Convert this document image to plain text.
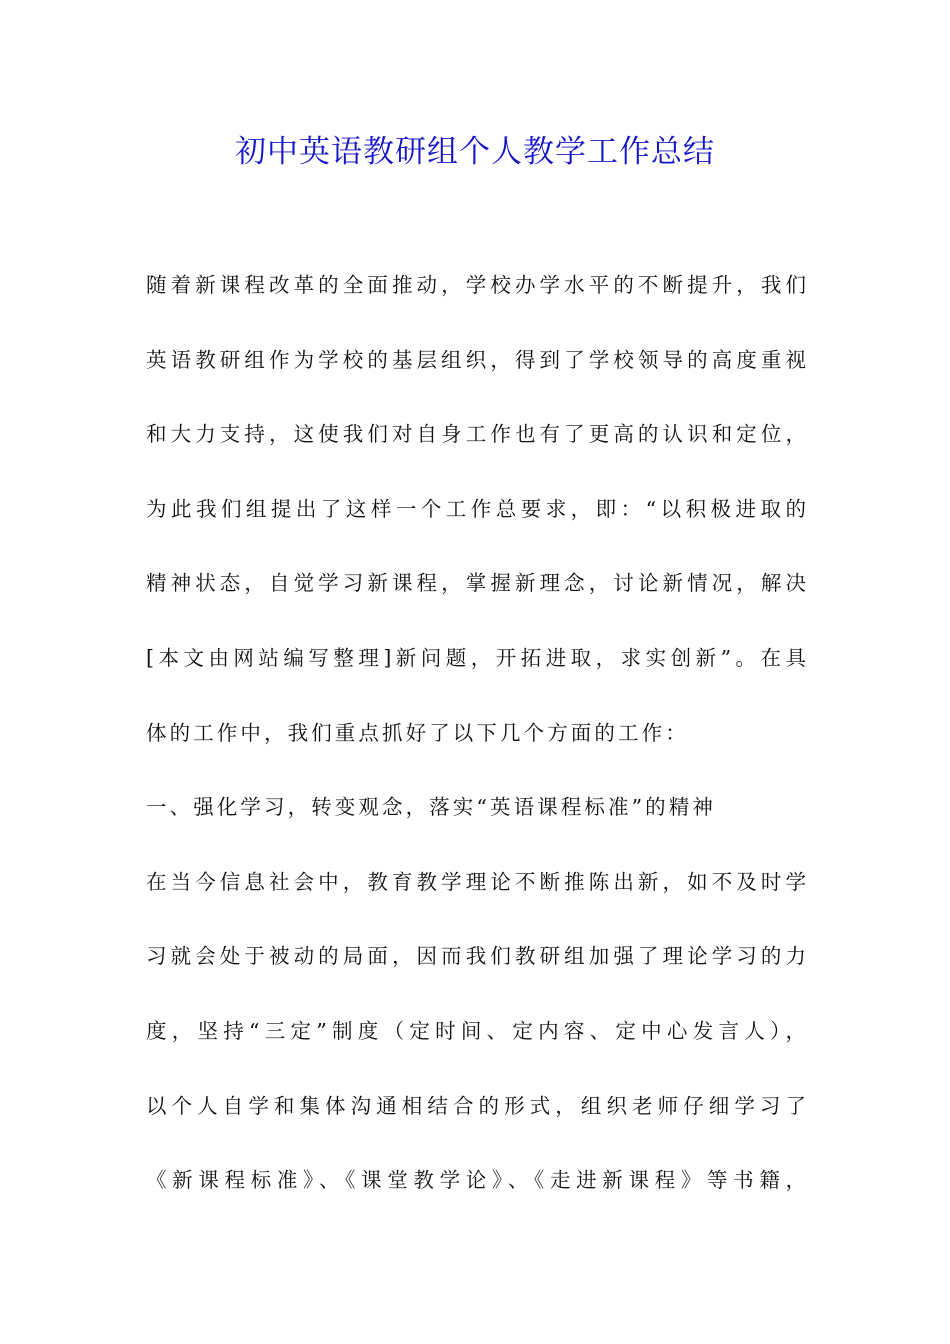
初中英语教研组个人教学工作总结
随着新课程改革的全面推动，学校办学水平的不断提升，我们
英语教研组作为学校的基层组织，得到了学校领导的高度重视
和大力支持，这使我们对自身工作也有了更高的认识和定位，
为此我们组提出了这样一个工作总要求，即：“以积极进取的
精神状态，自觉学习新课程，掌握新理念，讨论新情况，解决
[本文由网站编写整理]新问题，开拓进取，求实创新”。在具
体的工作中，我们重点抓好了以下几个方面的工作：
一、强化学习，转变观念，落实“英语课程标准”的精神
在当今信息社会中，教育教学理论不断推陈出新，如不及时学
习就会处于被动的局面，因而我们教研组加强了理论学习的力
度，坚持“三定”制度（定时间、定内容、定中心发言人），
以个人自学和集体沟通相结合的形式，组织老师仔细学习了
《新课程标准》、《课堂教学论》、《走进新课程》等书籍，
